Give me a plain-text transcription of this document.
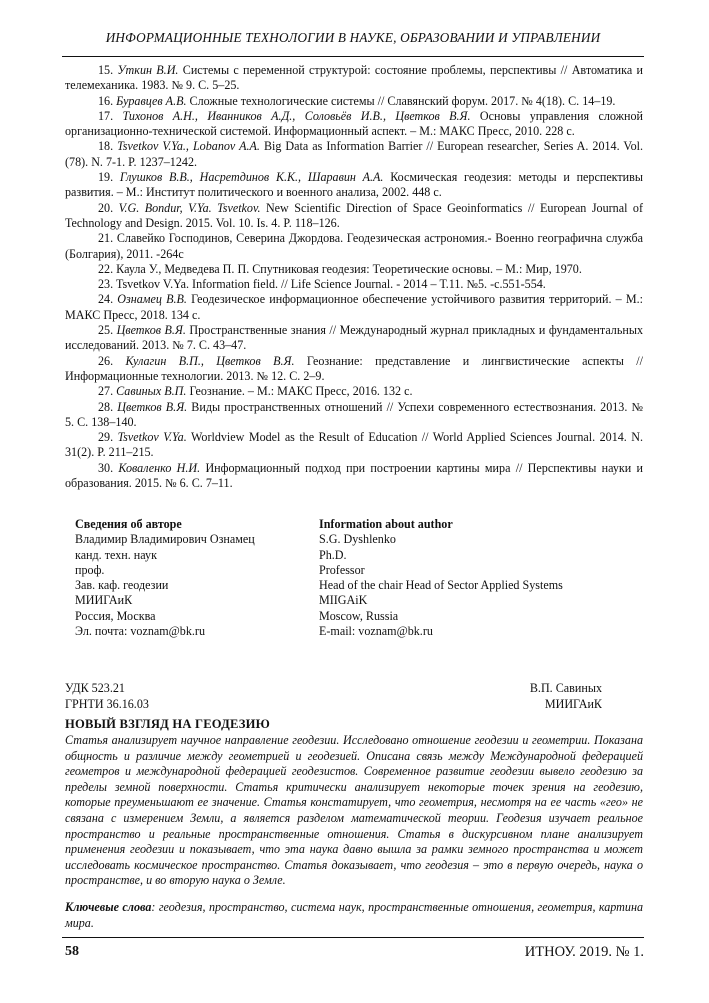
ИНФОРМАЦИОННЫЕ ТЕХНОЛОГИИ В НАУКЕ, ОБРАЗОВАНИИ И УПРАВЛЕНИИ

15. Уткин В.И. Системы с переменной структурой: состояние проблемы, перспективы // Автоматика и телемеханика. 1983. № 9. С. 5–25.

16. Буравцев А.В. Сложные технологические системы // Славянский форум. 2017. № 4(18). С. 14–19.

17. Тихонов А.Н., Иванников А.Д., Соловьёв И.В., Цветков В.Я. Основы управления сложной организационно-технической системой. Информационный аспект. – М.: МАКС Пресс, 2010. 228 с.

18. Tsvetkov V.Ya., Lobanov A.A. Big Data as Information Barrier // European researcher, Series A. 2014. Vol. (78). N. 7-1. P. 1237–1242.

19. Глушков В.В., Насретдинов К.К., Шаравин А.А. Космическая геодезия: методы и перспективы развития. – М.: Институт политического и военного анализа, 2002. 448 с.

20. V.G. Bondur, V.Ya. Tsvetkov. New Scientific Direction of Space Geoinformatics // European Journal of Technology and Design. 2015. Vol. 10. Is. 4. P. 118–126.

21. Славейко Господинов, Северина Джордова. Геодезическая астрономия.- Военно географична служба (Болгария), 2011. -264с

22. Каула У., Медведева П. П. Спутниковая геодезия: Теоретические основы. – М.: Мир, 1970.

23. Tsvetkov V.Ya. Information field. // Life Science Journal. - 2014 – Т.11. №5. -с.551-554.

24. Ознамец В.В. Геодезическое информационное обеспечение устойчивого развития территорий. – М.: МАКС Пресс, 2018. 134 с.

25. Цветков В.Я. Пространственные знания // Международный журнал прикладных и фундаментальных исследований. 2013. № 7. С. 43–47.

26. Кулагин В.П., Цветков В.Я. Геознание: представление и лингвистические аспекты // Информационные технологии. 2013. № 12. С. 2–9.

27. Савиных В.П. Геознание. – М.: МАКС Пресс, 2016. 132 с.

28. Цветков В.Я. Виды пространственных отношений // Успехи современного естествознания. 2013. № 5. С. 138–140.

29. Tsvetkov V.Ya. Worldview Model as the Result of Education // World Applied Sciences Journal. 2014. N. 31(2). P. 211–215.

30. Коваленко Н.И. Информационный подход при построении картины мира // Перспективы науки и образования. 2015. № 6. С. 7–11.

Сведения об авторе
Владимир Владимирович Ознамец
канд. техн. наук
проф.
Зав. каф. геодезии
МИИГАиК
Россия, Москва
Эл. почта: voznam@bk.ru
Information about author
S.G. Dyshlenko
Ph.D.
Professor
Head of the chair Head of Sector Applied Systems
MIIGAiK
Moscow, Russia
E-mail: voznam@bk.ru
УДК 523.21
ГРНТИ 36.16.03
В.П. Савиных
МИИГАиК
НОВЫЙ ВЗГЛЯД НА ГЕОДЕЗИЮ

Статья анализирует научное направление геодезии. Исследовано отношение геодезии и геометрии. Показана общность и различие между геометрией и геодезией. Описана связь между Международной федерацией геометров и международной федерацией геодезистов. Современное развитие геодезии вывело геодезию за пределы земной поверхности. Статья критически анализирует некоторые точек зрения на геодезию, которые преуменьшают ее значение. Статья констатирует, что геометрия, несмотря на ее часть «гео» не связана с измерением Земли, а является разделом математической теории. Геодезия изучает реальное пространство и реальные пространственные отношения. Статья в дискурсивном плане анализирует применения геодезии и показывает, что эта наука давно вышла за рамки земного пространства и может исследовать космическое пространство. Статья доказывает, что геодезия – это в первую очередь, наука о пространстве, и во вторую наука о Земле.

Ключевые слова: геодезия, пространство, система наук, пространственные отношения, геометрия, картина мира.

58	ИТНОУ. 2019. № 1.
